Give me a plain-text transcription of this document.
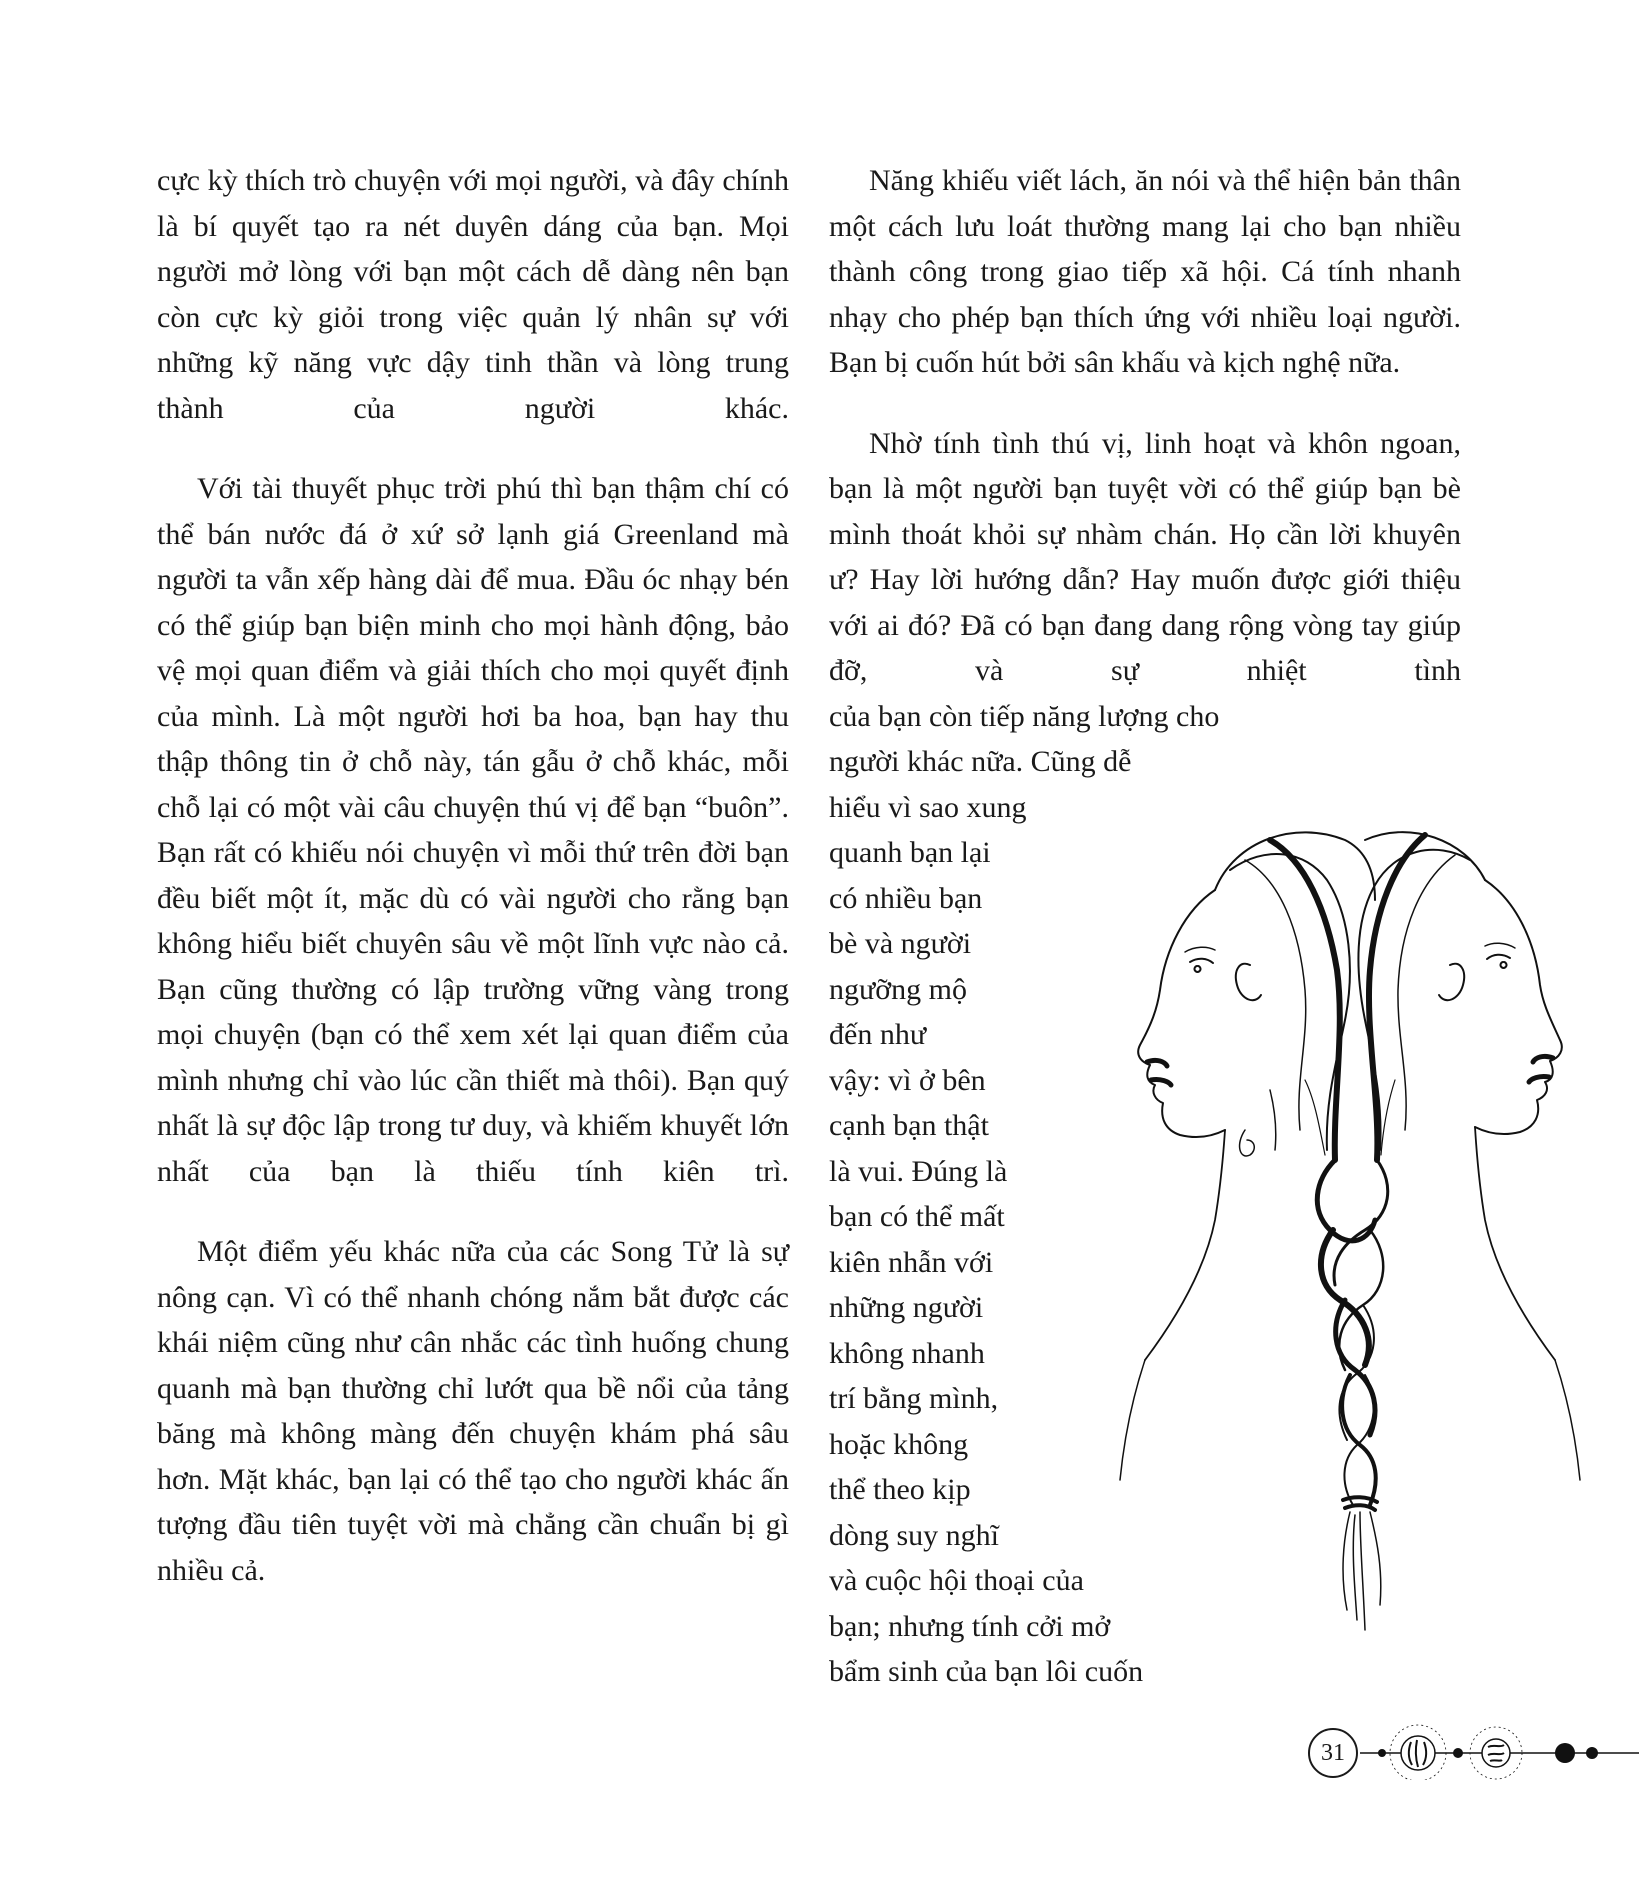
cực kỳ thích trò chuyện với mọi người, và đây chính là bí quyết tạo ra nét duyên dáng của bạn. Mọi người mở lòng với bạn một cách dễ dàng nên bạn còn cực kỳ giỏi trong việc quản lý nhân sự với những kỹ năng vực dậy tinh thần và lòng trung thành của người khác.

Với tài thuyết phục trời phú thì bạn thậm chí có thể bán nước đá ở xứ sở lạnh giá Greenland mà người ta vẫn xếp hàng dài để mua. Đầu óc nhạy bén có thể giúp bạn biện minh cho mọi hành động, bảo vệ mọi quan điểm và giải thích cho mọi quyết định của mình. Là một người hơi ba hoa, bạn hay thu thập thông tin ở chỗ này, tán gẫu ở chỗ khác, mỗi chỗ lại có một vài câu chuyện thú vị để bạn “buôn”. Bạn rất có khiếu nói chuyện vì mỗi thứ trên đời bạn đều biết một ít, mặc dù có vài người cho rằng bạn không hiểu biết chuyên sâu về một lĩnh vực nào cả. Bạn cũng thường có lập trường vững vàng trong mọi chuyện (bạn có thể xem xét lại quan điểm của mình nhưng chỉ vào lúc cần thiết mà thôi). Bạn quý nhất là sự độc lập trong tư duy, và khiếm khuyết lớn nhất của bạn là thiếu tính kiên trì.

Một điểm yếu khác nữa của các Song Tử là sự nông cạn. Vì có thể nhanh chóng nắm bắt được các khái niệm cũng như cân nhắc các tình huống chung quanh mà bạn thường chỉ lướt qua bề nổi của tảng băng mà không màng đến chuyện khám phá sâu hơn. Mặt khác, bạn lại có thể tạo cho người khác ấn tượng đầu tiên tuyệt vời mà chẳng cần chuẩn bị gì nhiều cả.

Năng khiếu viết lách, ăn nói và thể hiện bản thân một cách lưu loát thường mang lại cho bạn nhiều thành công trong giao tiếp xã hội. Cá tính nhanh nhạy cho phép bạn thích ứng với nhiều loại người. Bạn bị cuốn hút bởi sân khấu và kịch nghệ nữa.

Nhờ tính tình thú vị, linh hoạt và khôn ngoan, bạn là một người bạn tuyệt vời có thể giúp bạn bè mình thoát khỏi sự nhàm chán. Họ cần lời khuyên ư? Hay lời hướng dẫn? Hay muốn được giới thiệu với ai đó? Đã có bạn đang dang rộng vòng tay giúp đỡ, và sự nhiệt tình

của bạn còn tiếp năng lượng cho
người khác nữa. Cũng dễ
hiểu vì sao xung
quanh bạn lại
có nhiều bạn
bè và người
ngưỡng mộ
đến như
vậy: vì ở bên
cạnh bạn thật
là vui. Đúng là
bạn có thể mất
kiên nhẫn với
những người
không nhanh
trí bằng mình,
hoặc không
thể theo kịp
dòng suy nghĩ
và cuộc hội thoại của
bạn; nhưng tính cởi mở
bẩm sinh của bạn lôi cuốn
31
